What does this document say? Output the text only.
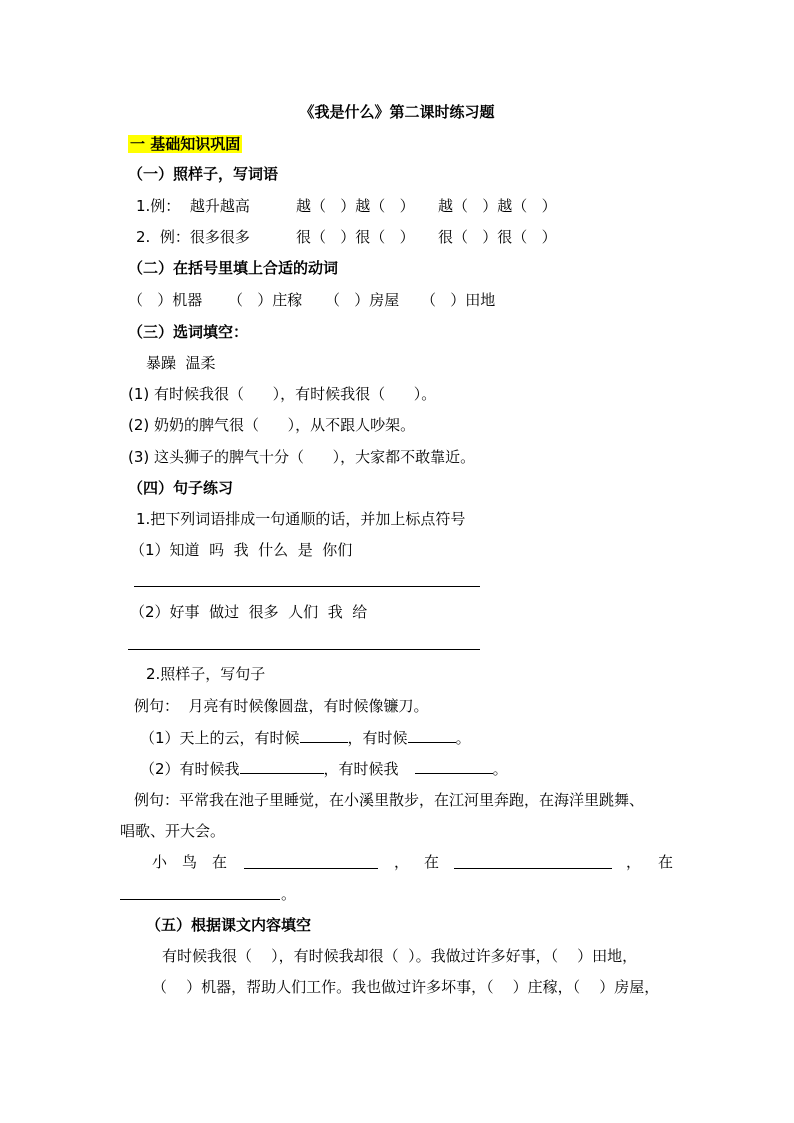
《我是什么》第二课时练习题
一 基础知识巩固
（一）照样子，写词语
1.例：  越升越高	越（   ）越（   ） 越（   ）越（   ）
2.  例：很多很多	很（   ）很（   ） 很（   ）很（   ）
（二）在括号里填上合适的动词
（   ）机器 （   ）庄稼 （   ）房屋 （   ）田地
（三）选词填空：
暴躁  温柔
(1) 有时候我很（      ），有时候我很（      ）。
(2) 奶奶的脾气很（      ），从不跟人吵架。
(3) 这头狮子的脾气十分（      ），大家都不敢靠近。
（四）句子练习
1.把下列词语排成一句通顺的话，并加上标点符号
（1）知道  吗  我  什么  是  你们
（2）好事  做过  很多  人们  我  给
2.照样子，写句子
例句：  月亮有时候像圆盘，有时候像镰刀。
（1）天上的云，有时候	，有时候	。
（2）有时候我	，有时候我	。
例句：平常我在池子里睡觉，在小溪里散步，在江河里奔跑，在海洋里跳舞、
唱歌、开大会。
小 鸟 在	， 在	， 在
。
（五）根据课文内容填空
有时候我很（    ），有时候我却很（  ）。我做过许多好事，（    ）田地，
（    ）机器，帮助人们工作。我也做过许多坏事，（    ）庄稼，（    ）房屋，
